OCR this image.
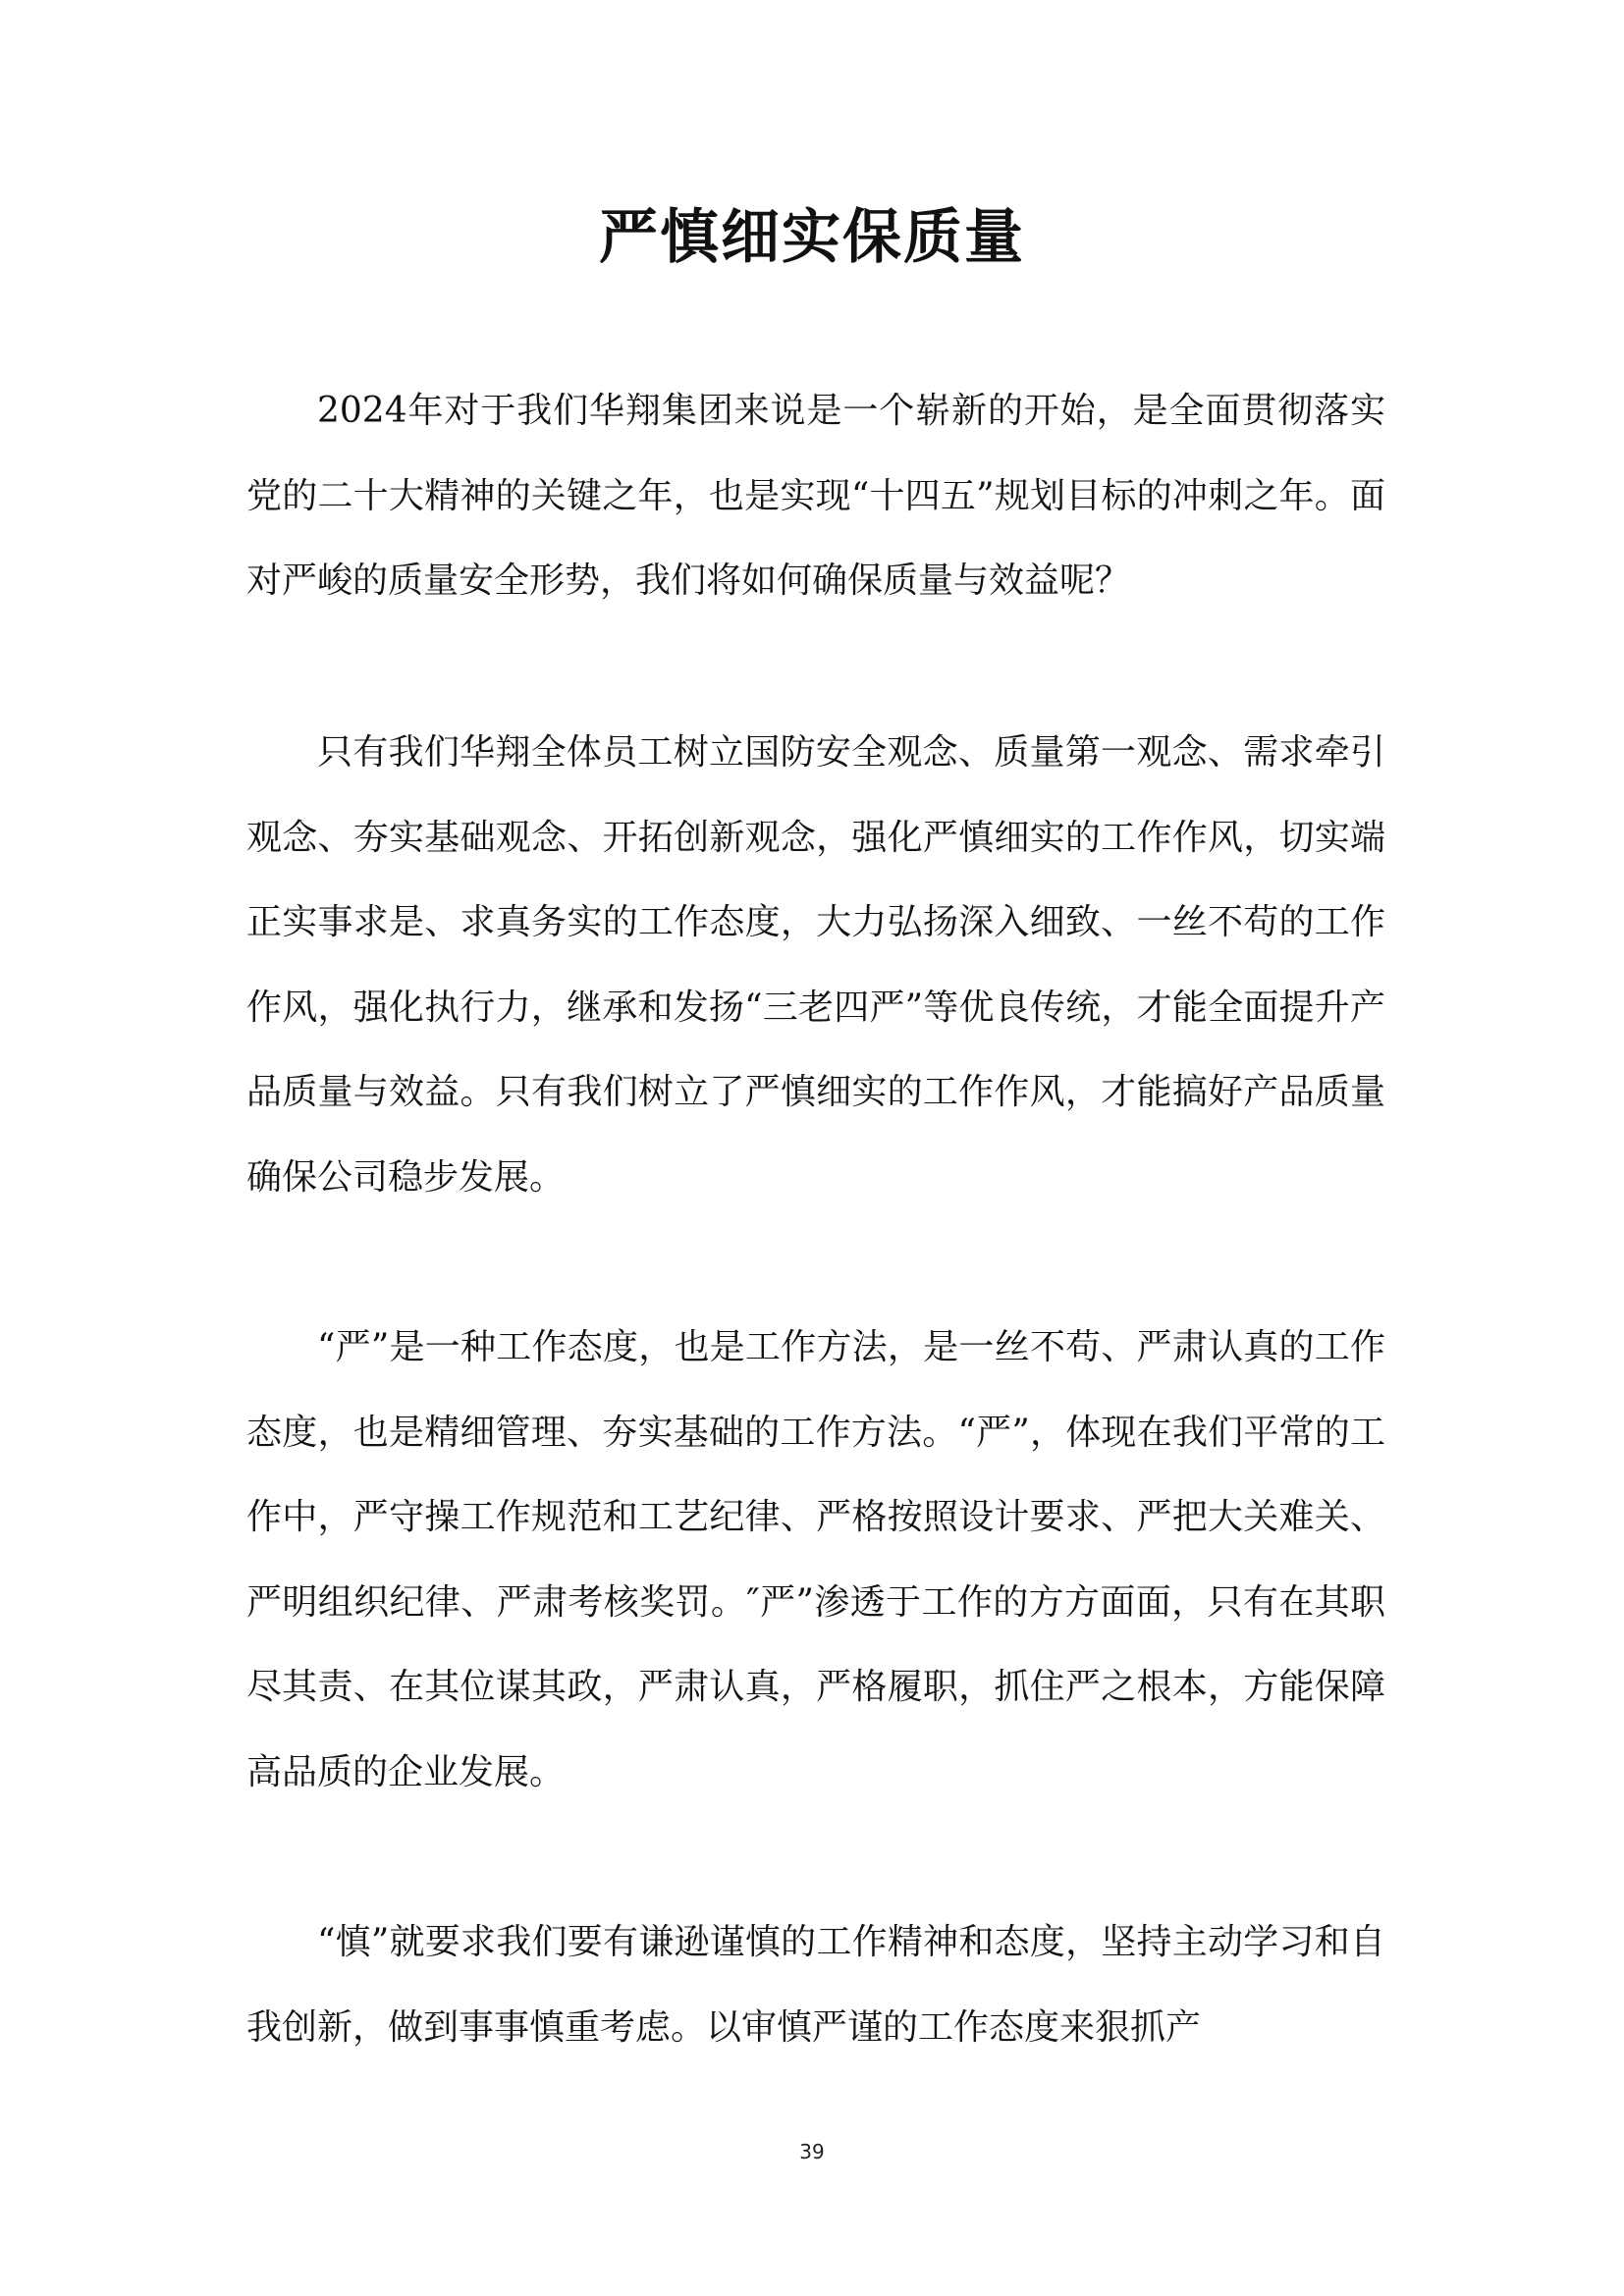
严慎细实保质量

2024年对于我们华翔集团来说是一个崭新的开始，是全面贯彻落实党的二十大精神的关键之年，也是实现“十四五”规划目标的冲刺之年。面对严峻的质量安全形势，我们将如何确保质量与效益呢？

只有我们华翔全体员工树立国防安全观念、质量第一观念、需求牵引观念、夯实基础观念、开拓创新观念，强化严慎细实的工作作风，切实端正实事求是、求真务实的工作态度，大力弘扬深入细致、一丝不苟的工作作风，强化执行力，继承和发扬“三老四严”等优良传统，才能全面提升产品质量与效益。只有我们树立了严慎细实的工作作风，才能搞好产品质量确保公司稳步发展。

“严”是一种工作态度，也是工作方法，是一丝不苟、严肃认真的工作态度，也是精细管理、夯实基础的工作方法。“严”，体现在我们平常的工作中，严守操工作规范和工艺纪律、严格按照设计要求、严把大关难关、严明组织纪律、严肃考核奖罚。″严”渗透于工作的方方面面，只有在其职尽其责、在其位谋其政，严肃认真，严格履职，抓住严之根本，方能保障高品质的企业发展。

“慎”就要求我们要有谦逊谨慎的工作精神和态度，坚持主动学习和自我创新，做到事事慎重考虑。以审慎严谨的工作态度来狠抓产

39
